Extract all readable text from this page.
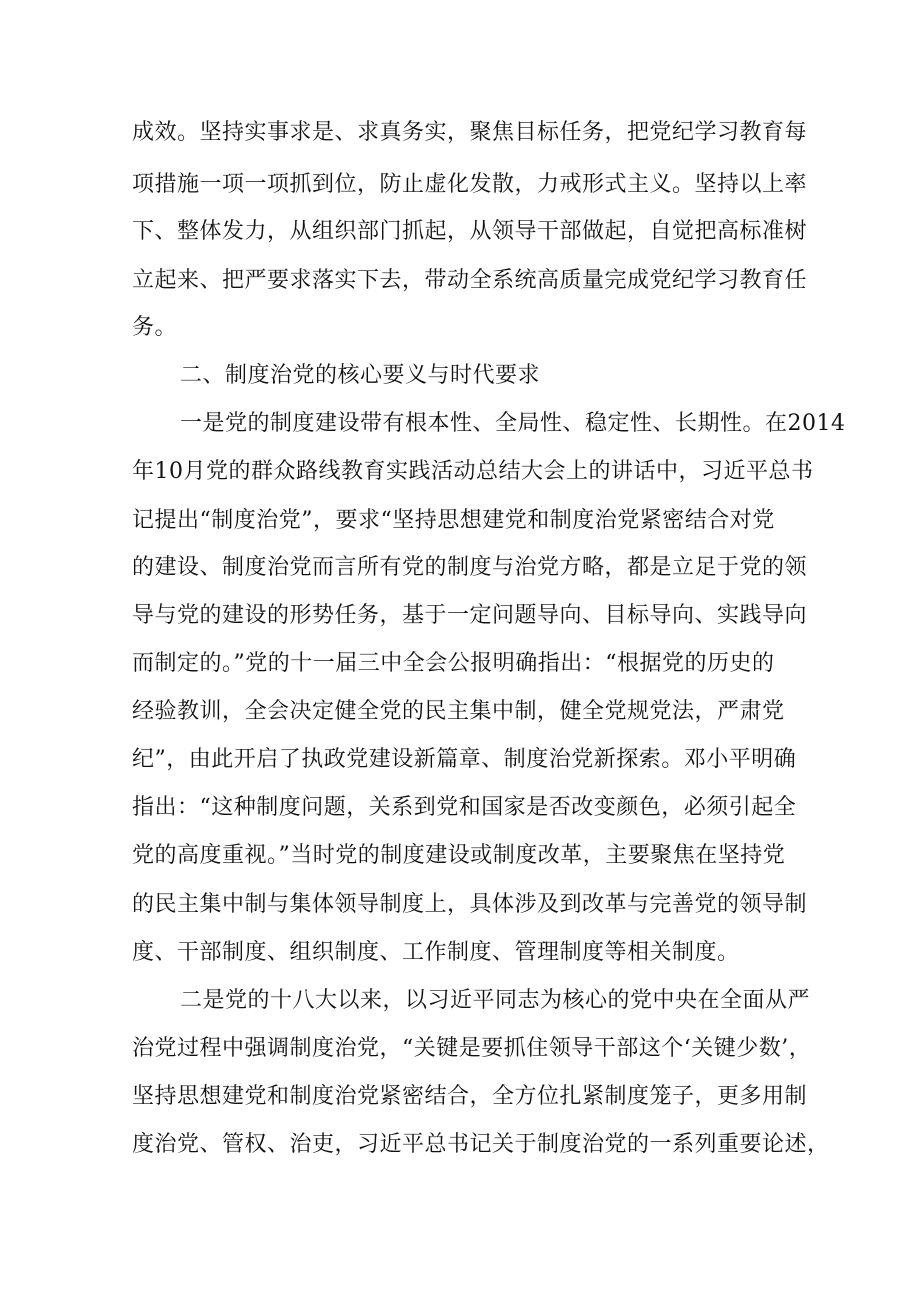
成效。坚持实事求是、求真务实，聚焦目标任务，把党纪学习教育每
项措施一项一项抓到位，防止虚化发散，力戒形式主义。坚持以上率
下、整体发力，从组织部门抓起，从领导干部做起，自觉把高标准树
立起来、把严要求落实下去，带动全系统高质量完成党纪学习教育任
务。
二、制度治党的核心要义与时代要求
一是党的制度建设带有根本性、全局性、稳定性、长期性。在2014
年10月党的群众路线教育实践活动总结大会上的讲话中，习近平总书
记提出“制度治党”，要求“坚持思想建党和制度治党紧密结合对党
的建设、制度治党而言所有党的制度与治党方略，都是立足于党的领
导与党的建设的形势任务，基于一定问题导向、目标导向、实践导向
而制定的。”党的十一届三中全会公报明确指出：“根据党的历史的
经验教训，全会决定健全党的民主集中制，健全党规党法，严肃党
纪”，由此开启了执政党建设新篇章、制度治党新探索。邓小平明确
指出：“这种制度问题，关系到党和国家是否改变颜色，必须引起全
党的高度重视。”当时党的制度建设或制度改革，主要聚焦在坚持党
的民主集中制与集体领导制度上，具体涉及到改革与完善党的领导制
度、干部制度、组织制度、工作制度、管理制度等相关制度。
二是党的十八大以来，以习近平同志为核心的党中央在全面从严
治党过程中强调制度治党，“关键是要抓住领导干部这个‘关键少数’，
坚持思想建党和制度治党紧密结合，全方位扎紧制度笼子，更多用制
度治党、管权、治吏，习近平总书记关于制度治党的一系列重要论述，
